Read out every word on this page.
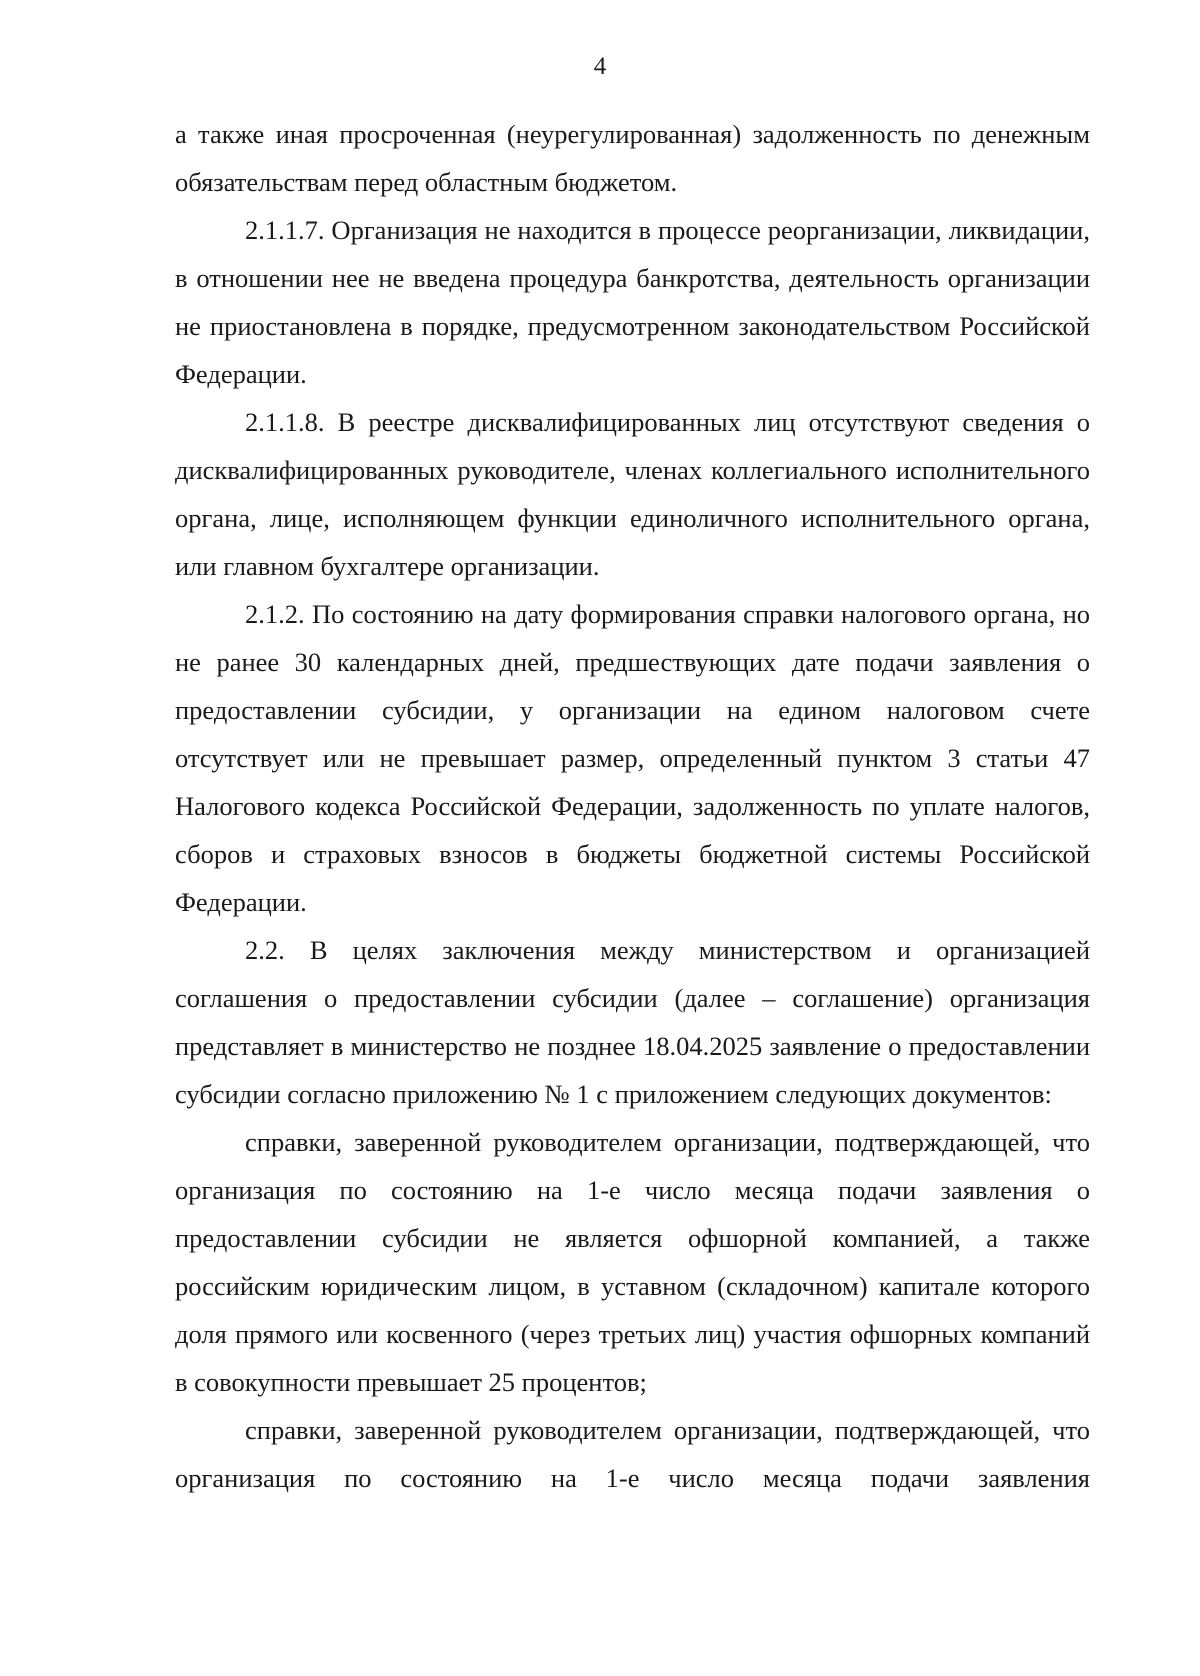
4

а также иная просроченная (неурегулированная) задолженность по денежным обязательствам перед областным бюджетом.

2.1.1.7. Организация не находится в процессе реорганизации, ликвидации, в отношении нее не введена процедура банкротства, деятельность организации не приостановлена в порядке, предусмотренном законодательством Российской Федерации.

2.1.1.8. В реестре дисквалифицированных лиц отсутствуют сведения о дисквалифицированных руководителе, членах коллегиального исполнительного органа, лице, исполняющем функции единоличного исполнительного органа, или главном бухгалтере организации.

2.1.2. По состоянию на дату формирования справки налогового органа, но не ранее 30 календарных дней, предшествующих дате подачи заявления о предоставлении субсидии, у организации на едином налоговом счете отсутствует или не превышает размер, определенный пунктом 3 статьи 47 Налогового кодекса Российской Федерации, задолженность по уплате налогов, сборов и страховых взносов в бюджеты бюджетной системы Российской Федерации.

2.2. В целях заключения между министерством и организацией соглашения о предоставлении субсидии (далее – соглашение) организация представляет в министерство не позднее 18.04.2025 заявление о предоставлении субсидии согласно приложению № 1 с приложением следующих документов:

справки, заверенной руководителем организации, подтверждающей, что организация по состоянию на 1-е число месяца подачи заявления о предоставлении субсидии не является офшорной компанией, а также российским юридическим лицом, в уставном (складочном) капитале которого доля прямого или косвенного (через третьих лиц) участия офшорных компаний в совокупности превышает 25 процентов;

справки, заверенной руководителем организации, подтверждающей, что организация по состоянию на 1-е число месяца подачи заявления
